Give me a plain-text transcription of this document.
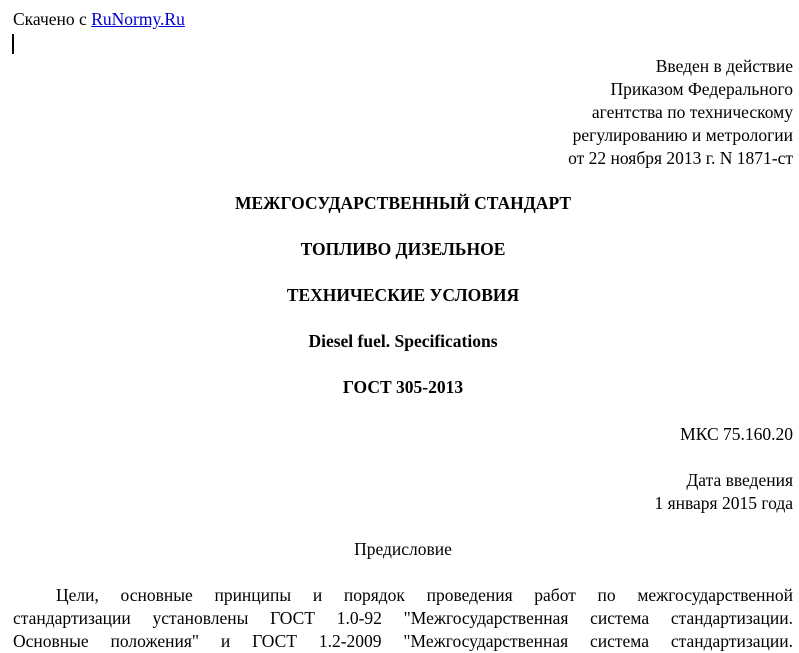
Скачено с RuNormy.Ru
Введен в действие
Приказом Федерального
агентства по техническому
регулированию и метрологии
от 22 ноября 2013 г. N 1871-ст
МЕЖГОСУДАРСТВЕННЫЙ СТАНДАРТ
ТОПЛИВО ДИЗЕЛЬНОЕ
ТЕХНИЧЕСКИЕ УСЛОВИЯ
Diesel fuel. Specifications
ГОСТ 305-2013
МКС 75.160.20
Дата введения
1 января 2015 года
Предисловие
Цели, основные принципы и порядок проведения работ по межгосударственной
стандартизации установлены ГОСТ 1.0-92 "Межгосударственная система стандартизации.
Основные положения" и ГОСТ 1.2-2009 "Межгосударственная система стандартизации.
